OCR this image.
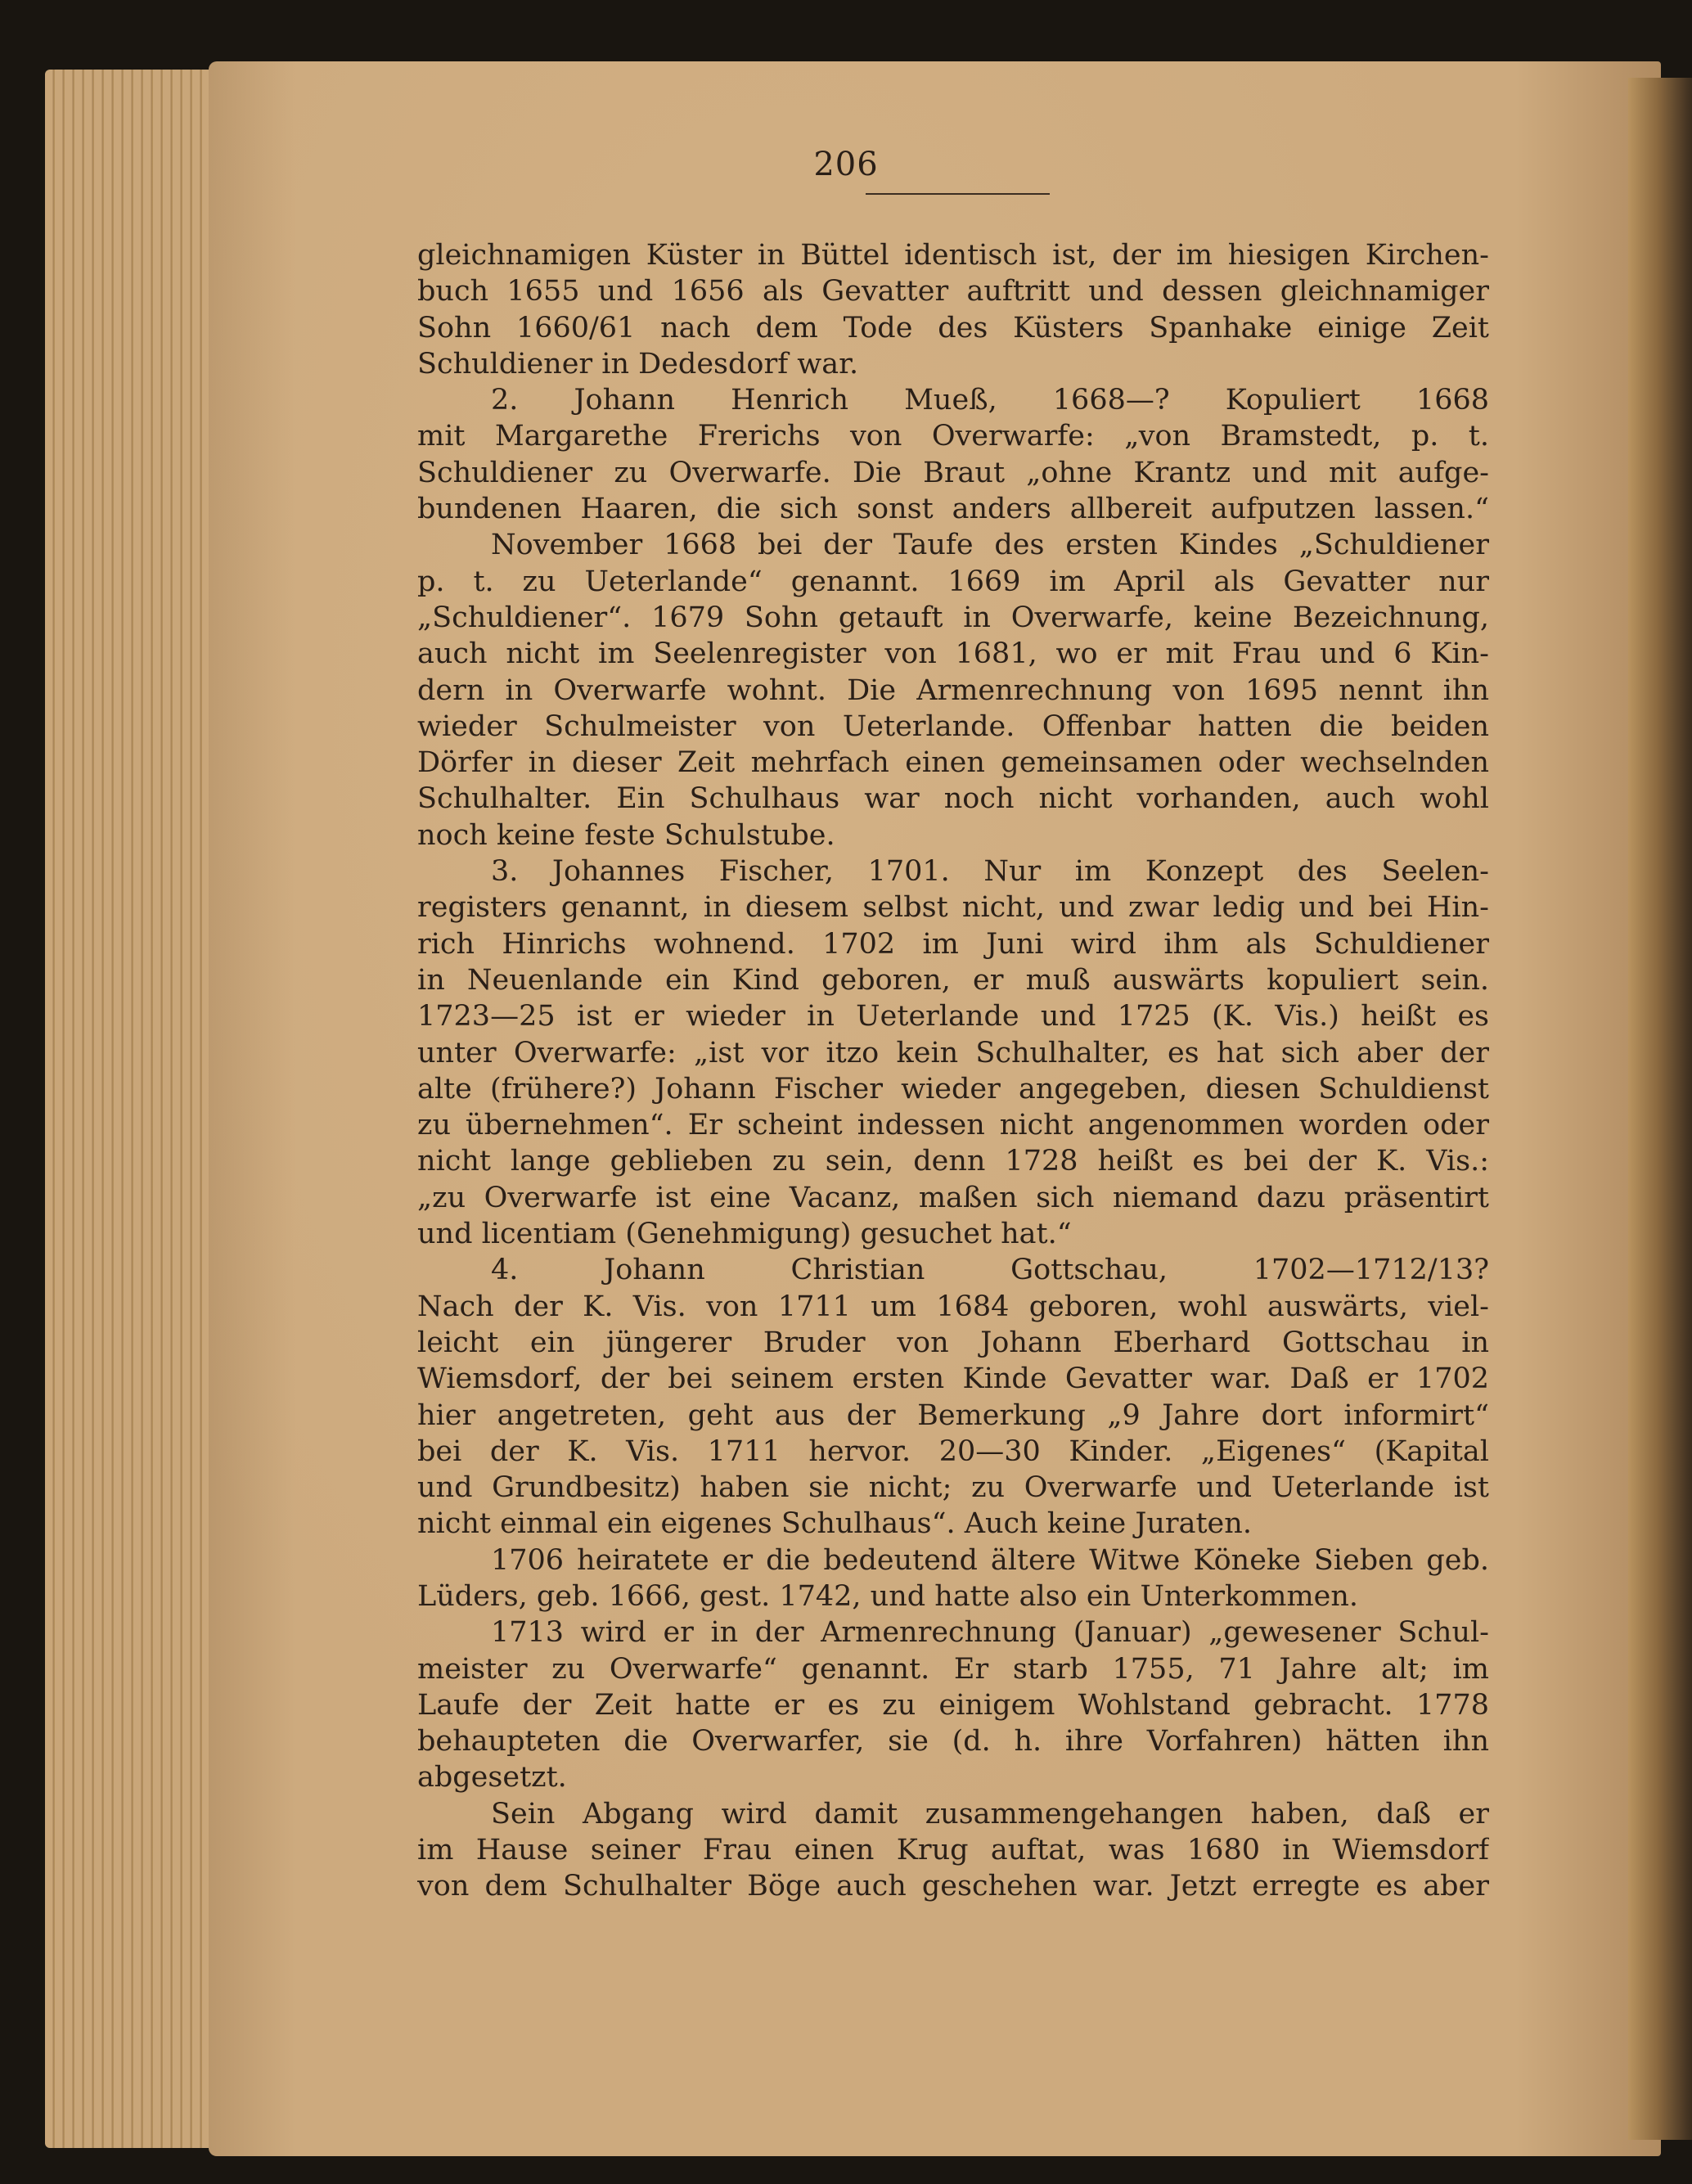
206
gleichnamigen Küster in Büttel identisch ist, der im hiesigen Kirchen-
buch 1655 und 1656 als Gevatter auftritt und dessen gleichnamiger
Sohn 1660/61 nach dem Tode des Küsters Spanhake einige Zeit
Schuldiener in Dedesdorf war.
2. Johann Henrich Mueß, 1668—? Kopuliert 1668
mit Margarethe Frerichs von Overwarfe: „von Bramstedt, p. t.
Schuldiener zu Overwarfe. Die Braut „ohne Krantz und mit aufge-
bundenen Haaren, die sich sonst anders allbereit aufputzen lassen.“
November 1668 bei der Taufe des ersten Kindes „Schuldiener
p. t. zu Ueterlande“ genannt. 1669 im April als Gevatter nur
„Schuldiener“. 1679 Sohn getauft in Overwarfe, keine Bezeichnung,
auch nicht im Seelenregister von 1681, wo er mit Frau und 6 Kin-
dern in Overwarfe wohnt. Die Armenrechnung von 1695 nennt ihn
wieder Schulmeister von Ueterlande. Offenbar hatten die beiden
Dörfer in dieser Zeit mehrfach einen gemeinsamen oder wechselnden
Schulhalter. Ein Schulhaus war noch nicht vorhanden, auch wohl
noch keine feste Schulstube.
3. Johannes Fischer, 1701. Nur im Konzept des Seelen-
registers genannt, in diesem selbst nicht, und zwar ledig und bei Hin-
rich Hinrichs wohnend. 1702 im Juni wird ihm als Schuldiener
in Neuenlande ein Kind geboren, er muß auswärts kopuliert sein.
1723—25 ist er wieder in Ueterlande und 1725 (K. Vis.) heißt es
unter Overwarfe: „ist vor itzo kein Schulhalter, es hat sich aber der
alte (frühere?) Johann Fischer wieder angegeben, diesen Schuldienst
zu übernehmen“. Er scheint indessen nicht angenommen worden oder
nicht lange geblieben zu sein, denn 1728 heißt es bei der K. Vis.:
„zu Overwarfe ist eine Vacanz, maßen sich niemand dazu präsentirt
und licentiam (Genehmigung) gesuchet hat.“
4. Johann Christian Gottschau, 1702—1712/13?
Nach der K. Vis. von 1711 um 1684 geboren, wohl auswärts, viel-
leicht ein jüngerer Bruder von Johann Eberhard Gottschau in
Wiemsdorf, der bei seinem ersten Kinde Gevatter war. Daß er 1702
hier angetreten, geht aus der Bemerkung „9 Jahre dort informirt“
bei der K. Vis. 1711 hervor. 20—30 Kinder. „Eigenes“ (Kapital
und Grundbesitz) haben sie nicht; zu Overwarfe und Ueterlande ist
nicht einmal ein eigenes Schulhaus“. Auch keine Juraten.
1706 heiratete er die bedeutend ältere Witwe Köneke Sieben geb.
Lüders, geb. 1666, gest. 1742, und hatte also ein Unterkommen.
1713 wird er in der Armenrechnung (Januar) „gewesener Schul-
meister zu Overwarfe“ genannt. Er starb 1755, 71 Jahre alt; im
Laufe der Zeit hatte er es zu einigem Wohlstand gebracht. 1778
behaupteten die Overwarfer, sie (d. h. ihre Vorfahren) hätten ihn
abgesetzt.
Sein Abgang wird damit zusammengehangen haben, daß er
im Hause seiner Frau einen Krug auftat, was 1680 in Wiemsdorf
von dem Schulhalter Böge auch geschehen war. Jetzt erregte es aber
